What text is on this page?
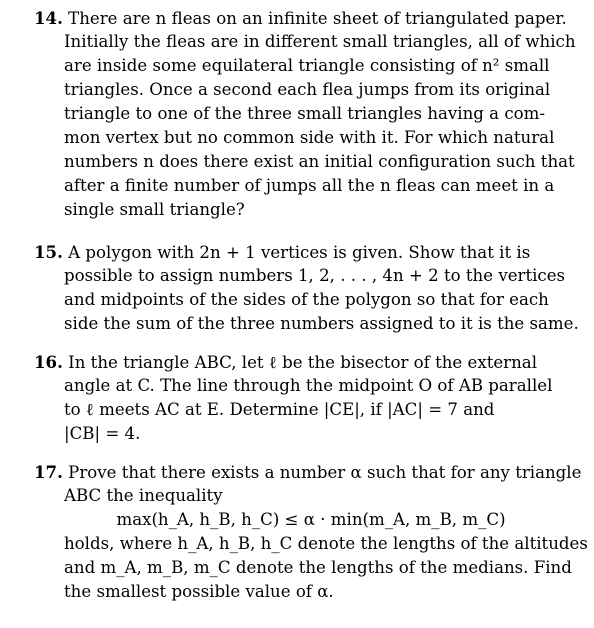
14. There are n fleas on an infinite sheet of triangulated paper.
Initially the fleas are in different small triangles, all of which
are inside some equilateral triangle consisting of n² small
triangles. Once a second each flea jumps from its original
triangle to one of the three small triangles having a com-
mon vertex but no common side with it. For which natural
numbers n does there exist an initial configuration such that
after a finite number of jumps all the n fleas can meet in a
single small triangle?
15. A polygon with 2n + 1 vertices is given. Show that it is
possible to assign numbers 1, 2, . . . , 4n + 2 to the vertices
and midpoints of the sides of the polygon so that for each
side the sum of the three numbers assigned to it is the same.
16. In the triangle ABC, let ℓ be the bisector of the external
angle at C. The line through the midpoint O of AB parallel
to ℓ meets AC at E. Determine |CE|, if |AC| = 7 and
|CB| = 4.
17. Prove that there exists a number α such that for any triangle
ABC the inequality
max(h_A, h_B, h_C) ≤ α · min(m_A, m_B, m_C)
holds, where h_A, h_B, h_C denote the lengths of the altitudes
and m_A, m_B, m_C denote the lengths of the medians. Find
the smallest possible value of α.
